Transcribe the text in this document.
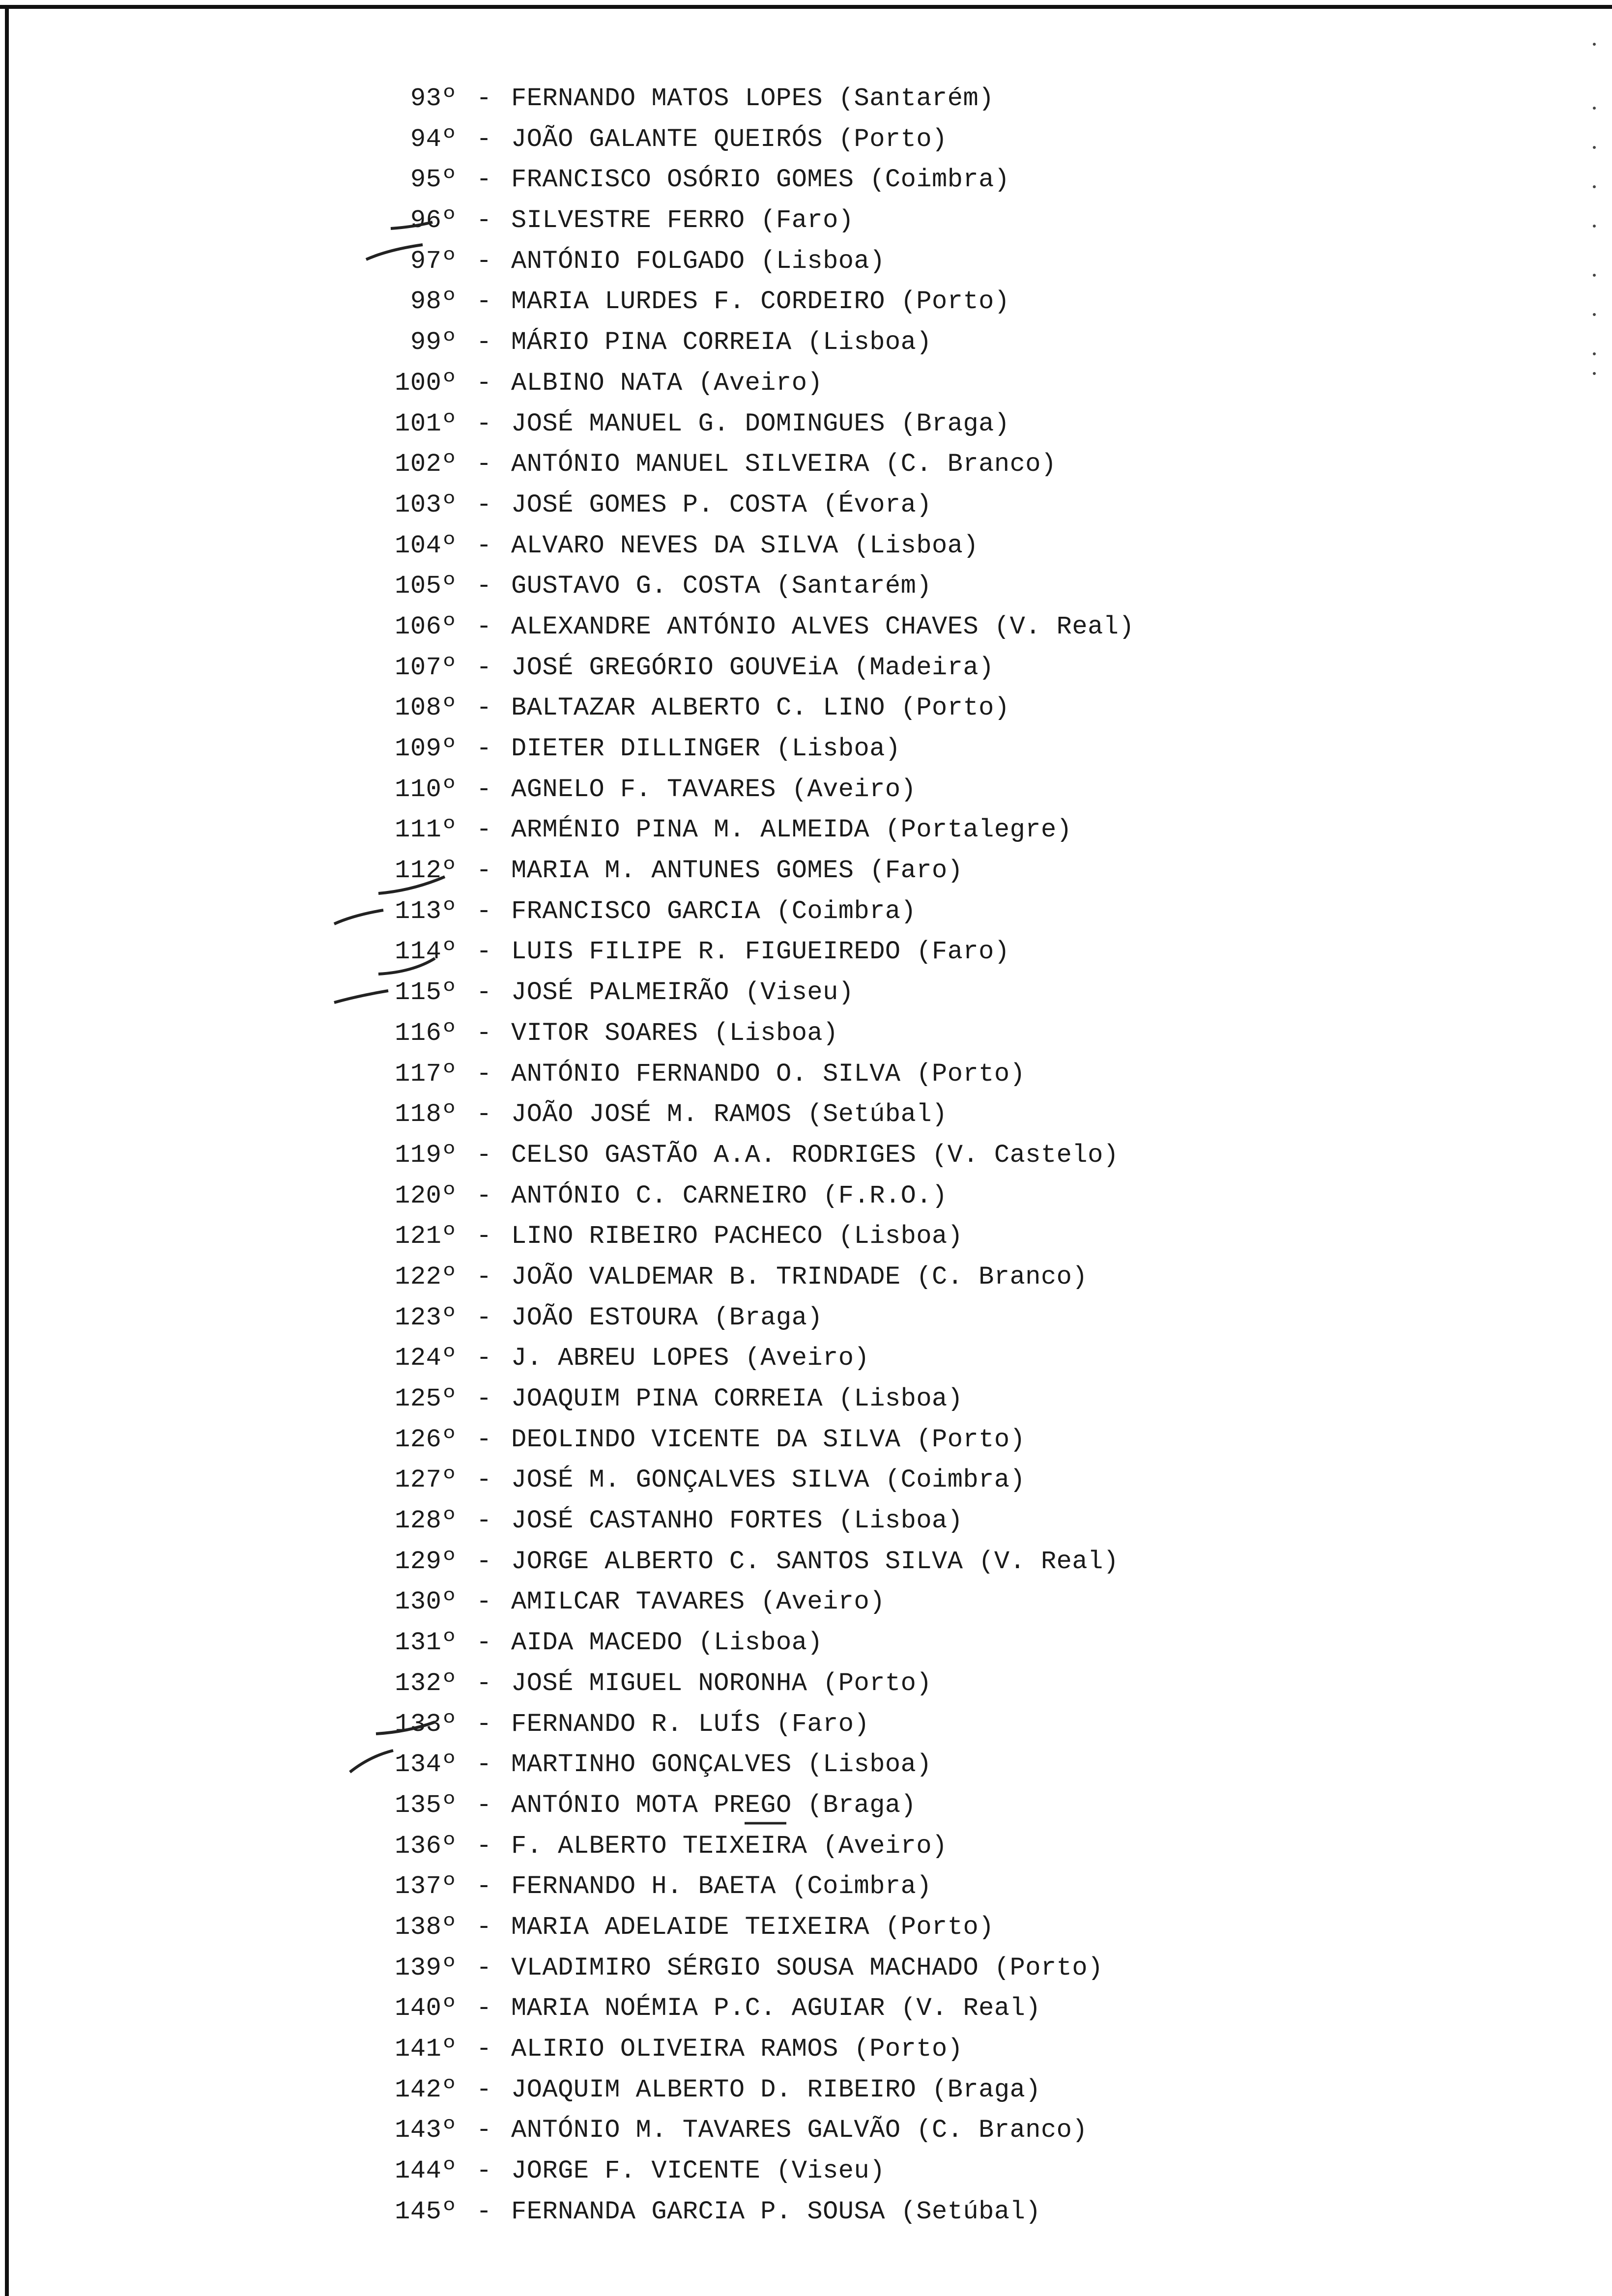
93º - FERNANDO MATOS LOPES (Santarém)
94º - JOÃO GALANTE QUEIRÓS (Porto)
95º - FRANCISCO OSÓRIO GOMES (Coimbra)
96º - SILVESTRE FERRO (Faro)
97º - ANTÓNIO FOLGADO (Lisboa)
98º - MARIA LURDES F. CORDEIRO (Porto)
99º - MÁRIO PINA CORREIA (Lisboa)
100º - ALBINO NATA (Aveiro)
101º - JOSÉ MANUEL G. DOMINGUES (Braga)
102º - ANTÓNIO MANUEL SILVEIRA (C. Branco)
103º - JOSÉ GOMES P. COSTA (Évora)
104º - ALVARO NEVES DA SILVA (Lisboa)
105º - GUSTAVO G. COSTA (Santarém)
106º - ALEXANDRE ANTÓNIO ALVES CHAVES (V. Real)
107º - JOSÉ GREGÓRIO GOUVEiA (Madeira)
108º - BALTAZAR ALBERTO C. LINO (Porto)
109º - DIETER DILLINGER (Lisboa)
110º - AGNELO F. TAVARES (Aveiro)
111º - ARMÉNIO PINA M. ALMEIDA (Portalegre)
112º - MARIA M. ANTUNES GOMES (Faro)
113º - FRANCISCO GARCIA (Coimbra)
114º - LUIS FILIPE R. FIGUEIREDO (Faro)
115º - JOSÉ PALMEIRÃO (Viseu)
116º - VITOR SOARES (Lisboa)
117º - ANTÓNIO FERNANDO O. SILVA (Porto)
118º - JOÃO JOSÉ M. RAMOS (Setúbal)
119º - CELSO GASTÃO A.A. RODRIGES (V. Castelo)
120º - ANTÓNIO C. CARNEIRO (F.R.O.)
121º - LINO RIBEIRO PACHECO (Lisboa)
122º - JOÃO VALDEMAR B. TRINDADE (C. Branco)
123º - JOÃO ESTOURA (Braga)
124º - J. ABREU LOPES (Aveiro)
125º - JOAQUIM PINA CORREIA (Lisboa)
126º - DEOLINDO VICENTE DA SILVA (Porto)
127º - JOSÉ M. GONÇALVES SILVA (Coimbra)
128º - JOSÉ CASTANHO FORTES (Lisboa)
129º - JORGE ALBERTO C. SANTOS SILVA (V. Real)
130º - AMILCAR TAVARES (Aveiro)
131º - AIDA MACEDO (Lisboa)
132º - JOSÉ MIGUEL NORONHA (Porto)
133º - FERNANDO R. LUÍS (Faro)
134º - MARTINHO GONÇALVES (Lisboa)
135º - ANTÓNIO MOTA PREGO (Braga)
136º - F. ALBERTO TEIXEIRA (Aveiro)
137º - FERNANDO H. BAETA (Coimbra)
138º - MARIA ADELAIDE TEIXEIRA (Porto)
139º - VLADIMIRO SÉRGIO SOUSA MACHADO (Porto)
140º - MARIA NOÉMIA P.C. AGUIAR (V. Real)
141º - ALIRIO OLIVEIRA RAMOS (Porto)
142º - JOAQUIM ALBERTO D. RIBEIRO (Braga)
143º - ANTÓNIO M. TAVARES GALVÃO (C. Branco)
144º - JORGE F. VICENTE (Viseu)
145º - FERNANDA GARCIA P. SOUSA (Setúbal)
